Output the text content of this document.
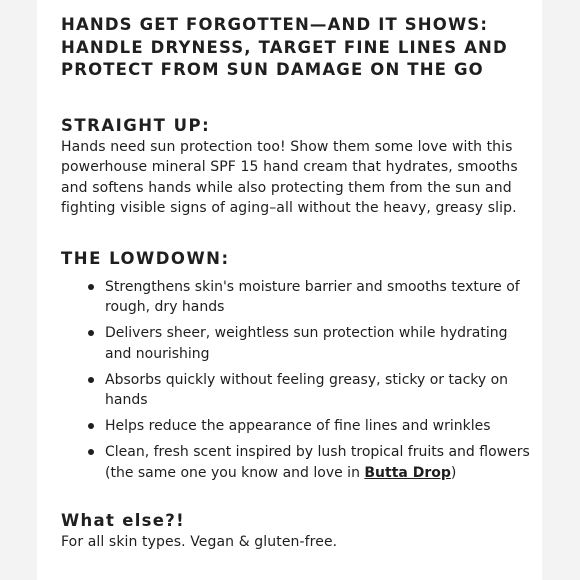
HANDS GET FORGOTTEN—AND IT SHOWS: HANDLE DRYNESS, TARGET FINE LINES AND PROTECT FROM SUN DAMAGE ON THE GO
STRAIGHT UP:

Hands need sun protection too! Show them some love with this powerhouse mineral SPF 15 hand cream that hydrates, smooths and softens hands while also protecting them from the sun and fighting visible signs of aging–all without the heavy, greasy slip.

THE LOWDOWN:
Strengthens skin's moisture barrier and smooths texture of rough, dry hands
Delivers sheer, weightless sun protection while hydrating and nourishing
Absorbs quickly without feeling greasy, sticky or tacky on hands
Helps reduce the appearance of fine lines and wrinkles
Clean, fresh scent inspired by lush tropical fruits and flowers (the same one you know and love in Butta Drop)
What else?!

For all skin types. Vegan & gluten-free.
